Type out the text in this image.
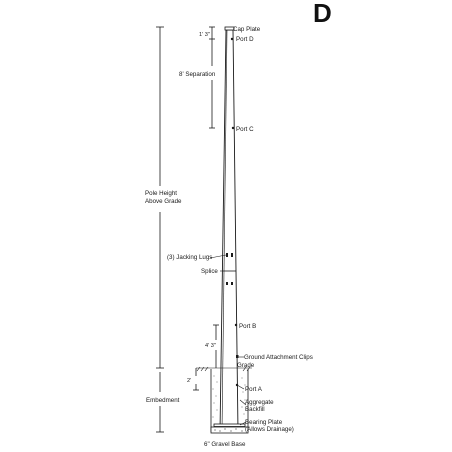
D
Cap Plate
1' 3"
Port D
8' Separation
Port C
Pole Height
Above Grade
(3) Jacking Lugs
Splice
Port B
4' 3"
Ground Attachment Clips
Grade
2'
Port A
Aggregate
Backfill
Embedment
Bearing Plate
(Allows Drainage)
6" Gravel Base
